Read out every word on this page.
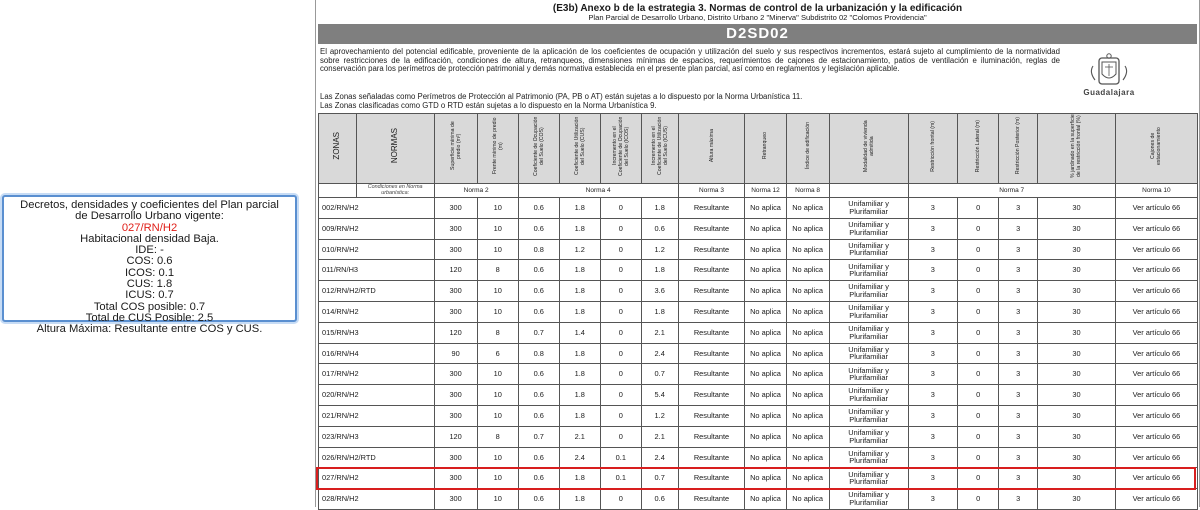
Decretos, densidades y coeficientes del Plan parcial
de Desarrollo Urbano vigente:
027/RN/H2
Habitacional densidad Baja.
IDE: -
COS: 0.6
ICOS: 0.1
CUS: 1.8
ICUS: 0.7
Total COS posible: 0.7
Total de CUS Posible: 2.5
Altura Máxima: Resultante entre COS y CUS.
(E3b) Anexo b de la estrategia 3. Normas de control de la urbanización y la edificación
Plan Parcial de Desarrollo Urbano, Distrito Urbano 2 "Minerva" Subdistrito 02 "Colomos Providencia"
D2SD02
El aprovechamiento del potencial edificable, proveniente de la aplicación de los coeficientes de ocupación y utilización del suelo y sus respectivos incrementos, estará sujeto al cumplimiento de la normatividad sobre restricciones de la edificación, condiciones de altura, retranqueos, dimensiones mínimas de espacios, requerimientos de cajones de estacionamiento, patios de ventilación e iluminación, reglas de conservación para los perímetros de protección patrimonial y demás normativa establecida en el presente plan parcial, así como en reglamentos y legislación aplicable.
Las Zonas señaladas como Perímetros de Protección al Patrimonio (PA, PB o AT) están sujetas a lo dispuesto por la Norma Urbanística 11.
Las Zonas clasificadas como GTD o RTD están sujetas a lo dispuesto en la Norma Urbanística 9.
Guadalajara
ZONAS	NORMAS	Superficie mínima de predio (m²)	Frente mínimo de predio (m)	Coeficiente de Ocupación del Suelo (COS)	Coeficiente de Utilización del Suelo (CUS)	Incremento en el Coeficiente de Ocupación del Suelo (ICOS)	Incremento en el Coeficiente de Utilización del Suelo (ICUS)	Altura máxima	Retranqueo	Índice de edificación	Modalidad de vivienda admitida	Restricción frontal (m)	Restricción Lateral (m)	Restricción Posterior (m)	% jardinado en la superficie de la restricción frontal (%)	Cajones de estacionamiento
	Condiciones en Norma urbanística:	Norma 2		Norma 4				Norma 3	Norma 12	Norma 8		Norma 7				Norma 10
002/RN/H2		300	10	0.6	1.8	0	1.8	Resultante	No aplica	No aplica	Unifamiliar y Plurifamiliar	3	0	3	30	Ver artículo 66
009/RN/H2		300	10	0.6	1.8	0	0.6	Resultante	No aplica	No aplica	Unifamiliar y Plurifamiliar	3	0	3	30	Ver artículo 66
010/RN/H2		300	10	0.8	1.2	0	1.2	Resultante	No aplica	No aplica	Unifamiliar y Plurifamiliar	3	0	3	30	Ver artículo 66
011/RN/H3		120	8	0.6	1.8	0	1.8	Resultante	No aplica	No aplica	Unifamiliar y Plurifamiliar	3	0	3	30	Ver artículo 66
012/RN/H2/RTD		300	10	0.6	1.8	0	3.6	Resultante	No aplica	No aplica	Unifamiliar y Plurifamiliar	3	0	3	30	Ver artículo 66
014/RN/H2		300	10	0.6	1.8	0	1.8	Resultante	No aplica	No aplica	Unifamiliar y Plurifamiliar	3	0	3	30	Ver artículo 66
015/RN/H3		120	8	0.7	1.4	0	2.1	Resultante	No aplica	No aplica	Unifamiliar y Plurifamiliar	3	0	3	30	Ver artículo 66
016/RN/H4		90	6	0.8	1.8	0	2.4	Resultante	No aplica	No aplica	Unifamiliar y Plurifamiliar	3	0	3	30	Ver artículo 66
017/RN/H2		300	10	0.6	1.8	0	0.7	Resultante	No aplica	No aplica	Unifamiliar y Plurifamiliar	3	0	3	30	Ver artículo 66
020/RN/H2		300	10	0.6	1.8	0	5.4	Resultante	No aplica	No aplica	Unifamiliar y Plurifamiliar	3	0	3	30	Ver artículo 66
021/RN/H2		300	10	0.6	1.8	0	1.2	Resultante	No aplica	No aplica	Unifamiliar y Plurifamiliar	3	0	3	30	Ver artículo 66
023/RN/H3		120	8	0.7	2.1	0	2.1	Resultante	No aplica	No aplica	Unifamiliar y Plurifamiliar	3	0	3	30	Ver artículo 66
026/RN/H2/RTD		300	10	0.6	2.4	0.1	2.4	Resultante	No aplica	No aplica	Unifamiliar y Plurifamiliar	3	0	3	30	Ver artículo 66
027/RN/H2		300	10	0.6	1.8	0.1	0.7	Resultante	No aplica	No aplica	Unifamiliar y Plurifamiliar	3	0	3	30	Ver artículo 66
028/RN/H2		300	10	0.6	1.8	0	0.6	Resultante	No aplica	No aplica	Unifamiliar y Plurifamiliar	3	0	3	30	Ver artículo 66
